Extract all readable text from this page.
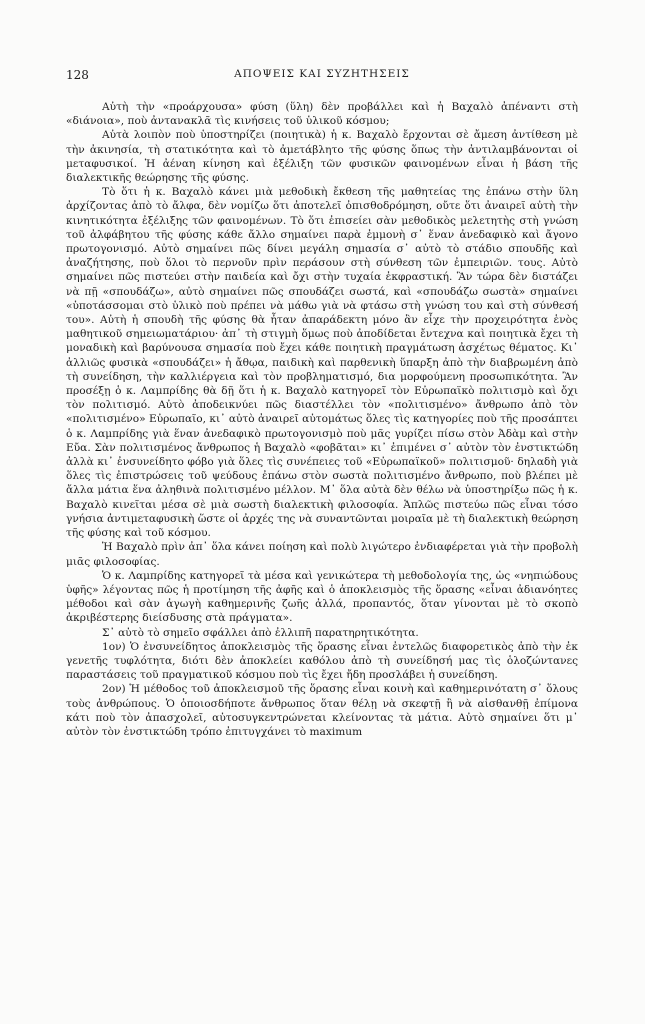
128	ΑΠΟΨΕΙΣ ΚΑΙ ΣΥΖΗΤΗΣΕΙΣ

Αὐτὴ τὴν «προάρχουσα» φύση (ὕλη) δὲν προβάλλει καὶ ἡ Βαχαλὸ ἀπέναντι στὴ «διάνοια», ποὺ ἀντανακλᾶ τὶς κινήσεις τοῦ ὑλικοῦ κόσμου;

Αὐτὰ λοιπὸν ποὺ ὑποστηρίζει (ποιητικὰ) ἡ κ. Βαχαλὸ ἔρχονται σὲ ἄμεση ἀντίθεση μὲ τὴν ἀκινησία, τὴ στατικότητα καὶ τὸ ἀμετάβλητο τῆς φύσης ὅπως τὴν ἀντιλαμβάνονται οἱ μεταφυσικοί. Ἡ ἀέναη κίνηση καὶ ἐξέλιξη τῶν φυσικῶν φαινομένων εἶναι ἡ βάση τῆς διαλεκτικῆς θεώρησης τῆς φύσης.

Τὸ ὅτι ἡ κ. Βαχαλὸ κάνει μιὰ μεθοδικὴ ἔκθεση τῆς μαθητείας της ἐπάνω στὴν ὕλη ἀρχίζοντας ἀπὸ τὸ ἄλφα, δὲν νομίζω ὅτι ἀποτελεῖ ὀπισθοδρόμηση, οὔτε ὅτι ἀναιρεῖ αὐτὴ τὴν κινητικότητα ἐξέλιξης τῶν φαινομένων. Τὸ ὅτι ἐπισείει σὰν μεθοδικὸς μελετητὴς στὴ γνώση τοῦ ἀλφάβητου τῆς φύσης κάθε ἄλλο σημαίνει παρὰ ἐμμονὴ σ᾽ ἕναν ἀνεδαφικὸ καὶ ἄγονο πρωτογονισμό. Αὐτὸ σημαίνει πῶς δίνει μεγάλη σημασία σ᾽ αὐτὸ τὸ στάδιο σπουδῆς καὶ ἀναζήτησης, ποὺ ὅλοι τὸ περνοῦν πρὶν περάσουν στὴ σύνθεση τῶν ἐμπειριῶν. τους. Αὐτὸ σημαίνει πῶς πιστεύει στὴν παιδεία καὶ ὄχι στὴν τυχαία ἐκφραστική. Ἂν τώρα δὲν διστάζει νὰ πῇ «σπουδάζω», αὐτὸ σημαίνει πῶς σπουδάζει σωστά, καὶ «σπουδάζω σωστὰ» σημαίνει «ὑποτάσσομαι στὸ ὑλικὸ ποὺ πρέπει νὰ μάθω γιὰ νὰ φτάσω στὴ γνώση του καὶ στὴ σύνθεσή του». Αὐτὴ ἡ σπουδὴ τῆς φύσης θὰ ἦταν ἀπαράδεκτη μόνο ἂν εἶχε τὴν προχειρότητα ἑνὸς μαθητικοῦ σημειωματάριου· ἀπ᾽ τὴ στιγμὴ ὅμως ποὺ ἀποδίδεται ἔντεχνα καὶ ποιητικὰ ἔχει τὴ μοναδικὴ καὶ βαρύνουσα σημασία ποὺ ἔχει κάθε ποιητικὴ πραγμάτωση ἀσχέτως θέματος. Κι᾽ ἀλλιῶς φυσικὰ «σπουδάζει» ἡ ἄθῳα, παιδικὴ καὶ παρθενικὴ ὕπαρξη ἀπὸ τὴν διαβρωμένη ἀπὸ τὴ συνείδηση, τὴν καλλιέργεια καὶ τὸν προβληματισμό, δια μορφούμενη προσωπικότητα. Ἂν προσέξῃ ὁ κ. Λαμπρίδης θὰ δῇ ὅτι ἡ κ. Βαχαλὸ κατηγορεῖ τὸν Εὐρωπαϊκὸ πολιτισμὸ καὶ ὄχι τὸν πολιτισμό. Αὐτὸ ἀποδεικνύει πῶς διαστέλλει τὸν «πολιτισμένο» ἄνθρωπο ἀπὸ τὸν «πολιτισμένο» Εὐρωπαῖο, κι᾽ αὐτὸ ἀναιρεῖ αὐτομάτως ὅλες τὶς κατηγορίες ποὺ τῆς προσάπτει ὁ κ. Λαμπρίδης γιὰ ἕναν ἀνεδαφικὸ πρωτογονισμὸ ποὺ μᾶς γυρίζει πίσω στὸν Ἀδὰμ καὶ στὴν Εὔα. Σὰν πολιτισμένος ἄνθρωπος ἡ Βαχαλὸ «φοβᾶται» κι᾽ ἐπιμένει σ᾽ αὐτὸν τὸν ἐνστικτώδη ἀλλὰ κι᾽ ἐνσυνείδητο φόβο γιὰ ὅλες τὶς συνέπειες τοῦ «Εὐρωπαϊκοῦ» πολιτισμοῦ· δηλαδὴ γιὰ ὅλες τὶς ἐπιστρώσεις τοῦ ψεύδους ἐπάνω στὸν σωστὰ πολιτισμένο ἄνθρωπο, ποὺ βλέπει μὲ ἄλλα μάτια ἕνα ἀληθινὰ πολιτισμένο μέλλον. Μ᾽ ὅλα αὐτὰ δὲν θέλω νὰ ὑποστηρίξω πῶς ἡ κ. Βαχαλὸ κινεῖται μέσα σὲ μιὰ σωστὴ διαλεκτικὴ φιλοσοφία. Ἁπλῶς πιστεύω πῶς εἶναι τόσο γνήσια ἀντιμεταφυσικὴ ὥστε οἱ ἀρχές της νὰ συναντῶνται μοιραῖα μὲ τὴ διαλεκτικὴ θεώρηση τῆς φύσης καὶ τοῦ κόσμου.

Ἡ Βαχαλὸ πρὶν ἀπ᾽ ὅλα κάνει ποίηση καὶ πολὺ λιγώτερο ἐνδιαφέρεται γιὰ τὴν προβολὴ μιᾶς φιλοσοφίας.

Ὁ κ. Λαμπρίδης κατηγορεῖ τὰ μέσα καὶ γενικώτερα τὴ μεθοδολογία της, ὡς «νηπιώδους ὑφῆς» λέγοντας πῶς ἡ προτίμηση τῆς ἀφῆς καὶ ὁ ἀποκλεισμὸς τῆς ὅρασης «εἶναι ἀδιανόητες μέθοδοι καὶ σὰν ἀγωγὴ καθημερινῆς ζωῆς ἀλλά, προπαντός, ὅταν γίνονται μὲ τὸ σκοπὸ ἀκριβέστερης διείσδυσης στὰ πράγματα».

Σ᾽ αὐτὸ τὸ σημεῖο σφάλλει ἀπὸ ἐλλιπῆ παρατηρητικότητα.

1ον) Ὁ ἐνσυνείδητος ἀποκλεισμὸς τῆς ὅρασης εἶναι ἐντελῶς διαφορετικὸς ἀπὸ τὴν ἐκ γενετῆς τυφλότητα, διότι δὲν ἀποκλείει καθόλου ἀπὸ τὴ συνείδησή μας τὶς ὁλοζώντανες παραστάσεις τοῦ πραγματικοῦ κόσμου ποὺ τὶς ἔχει ἤδη προσλάβει ἡ συνείδηση.

2ον) Ἡ μέθοδος τοῦ ἀποκλεισμοῦ τῆς ὅρασης εἶναι κοινὴ καὶ καθημερινότατη σ᾽ ὅλους τοὺς ἀνθρώπους. Ὁ ὁποιοσδήποτε ἄνθρωπος ὅταν θέλῃ νὰ σκεφτῇ ἢ νὰ αἰσθανθῇ ἐπίμονα κάτι ποὺ τὸν ἀπασχολεῖ, αὐτοσυγκεντρώνεται κλείνοντας τὰ μάτια. Αὐτὸ σημαίνει ὅτι μ᾽ αὐτὸν τὸν ἐνστικτώδη τρόπο ἐπιτυγχάνει τὸ maximum
